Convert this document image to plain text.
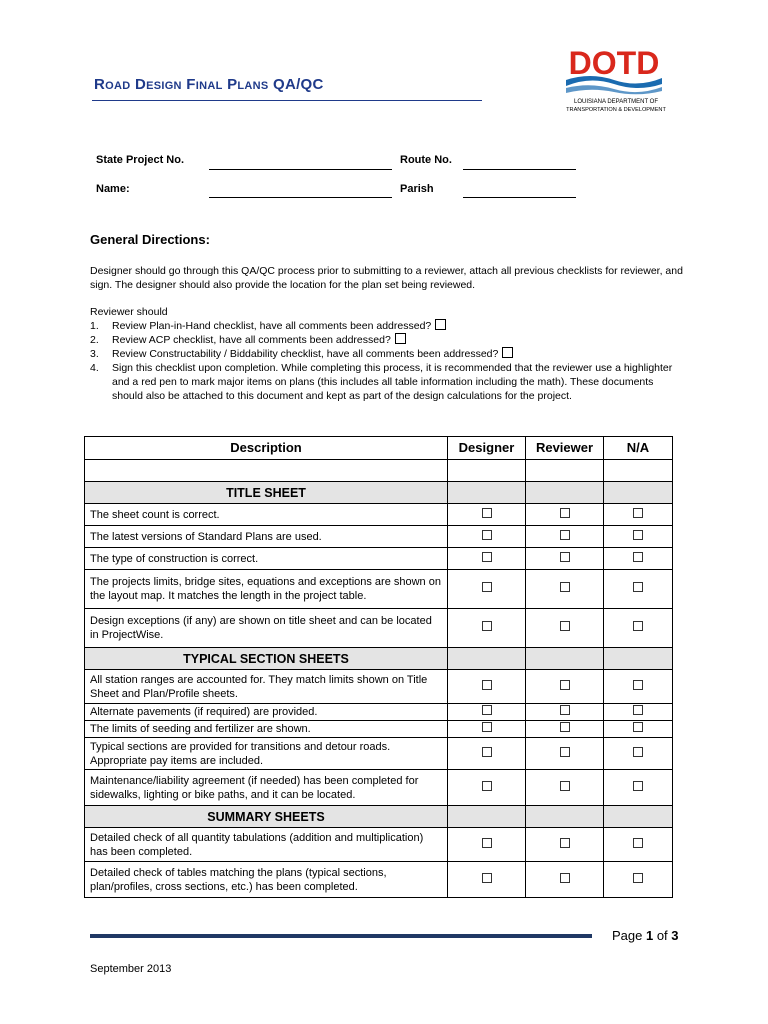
Road Design Final Plans QA/QC
DOTD
LOUISIANA DEPARTMENT OF
TRANSPORTATION & DEVELOPMENT
State Project No.	Route No.
Name:	Parish
General Directions:
Designer should go through this QA/QC process prior to submitting to a reviewer, attach all previous checklists for reviewer, and
sign. The designer should also provide the location for the plan set being reviewed.
Reviewer should
1.	Review Plan-in-Hand checklist, have all comments been addressed?
2.	Review ACP checklist, have all comments been addressed?
3.	Review Constructability / Biddability checklist, have all comments been addressed?
4.	Sign this checklist upon completion. While completing this process, it is recommended that the reviewer use a highlighter
and a red pen to mark major items on plans (this includes all table information including the math). These documents
should also be attached to this document and kept as part of the design calculations for the project.
Description	Designer	Reviewer	N/A

TITLE SHEET			
The sheet count is correct.			
The latest versions of Standard Plans are used.			
The type of construction is correct.			
The projects limits, bridge sites, equations and exceptions are shown on the layout map. It matches the length in the project table.			
Design exceptions (if any) are shown on title sheet and can be located in ProjectWise.			
TYPICAL SECTION SHEETS			
All station ranges are accounted for. They match limits shown on Title Sheet and Plan/Profile sheets.			
Alternate pavements (if required) are provided.			
The limits of seeding and fertilizer are shown.			
Typical sections are provided for transitions and detour roads. Appropriate pay items are included.			
Maintenance/liability agreement (if needed) has been completed for sidewalks, lighting or bike paths, and it can be located.			
SUMMARY SHEETS			
Detailed check of all quantity tabulations (addition and multiplication) has been completed.			
Detailed check of tables matching the plans (typical sections, plan/profiles, cross sections, etc.) has been completed.			
Page 1 of 3
September 2013
